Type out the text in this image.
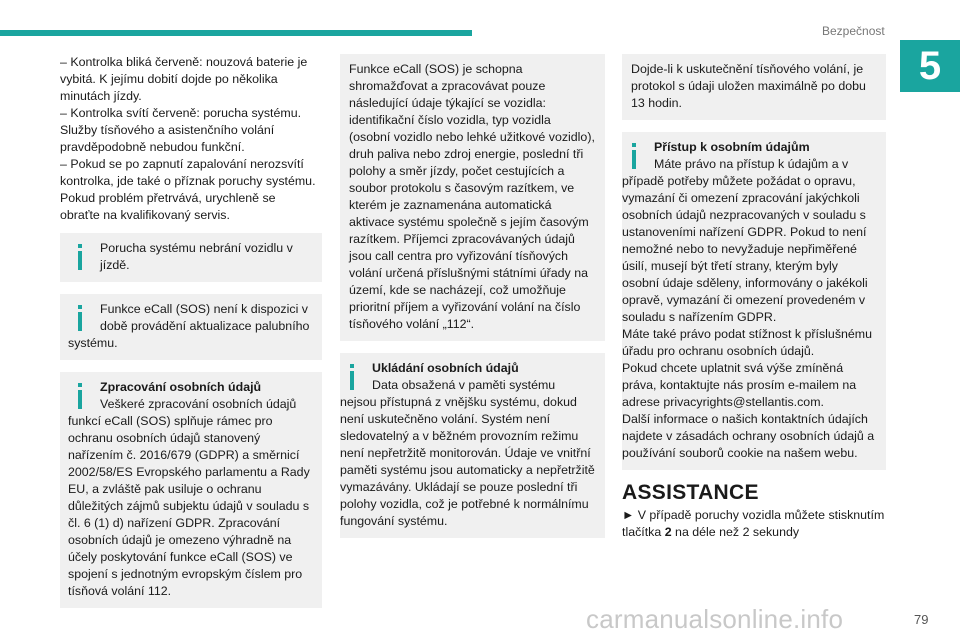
Bezpečnost
5

– Kontrolka bliká červeně: nouzová baterie je vybitá. K jejímu dobití dojde po několika minutách jízdy.

– Kontrolka svítí červeně: porucha systému. Služby tísňového a asistenčního volání pravděpodobně nebudou funkční.

– Pokud se po zapnutí zapalování nerozsvítí kontrolka, jde také o příznak poruchy systému. Pokud problém přetrvává, urychleně se obraťte na kvalifikovaný servis.

Porucha systému nebrání vozidlu v jízdě.

Funkce eCall (SOS) není k dispozici v době provádění aktualizace palubního systému.

Zpracování osobních údajů

Veškeré zpracování osobních údajů funkcí eCall (SOS) splňuje rámec pro ochranu osobních údajů stanovený nařízením č. 2016/679 (GDPR) a směrnicí 2002/58/ES Evropského parlamentu a Rady EU, a zvláště pak usiluje o ochranu důležitých zájmů subjektu údajů v souladu s čl. 6 (1) d) nařízení GDPR. Zpracování osobních údajů je omezeno výhradně na účely poskytování funkce eCall (SOS) ve spojení s jednotným evropským číslem pro tísňová volání 112.

Funkce eCall (SOS) je schopna shromažďovat a zpracovávat pouze následující údaje týkající se vozidla: identifikační číslo vozidla, typ vozidla (osobní vozidlo nebo lehké užitkové vozidlo), druh paliva nebo zdroj energie, poslední tři polohy a směr jízdy, počet cestujících a soubor protokolu s časovým razítkem, ve kterém je zaznamenána automatická aktivace systému společně s jejím časovým razítkem. Příjemci zpracovávaných údajů jsou call centra pro vyřizování tísňových volání určená příslušnými státními úřady na území, kde se nacházejí, což umožňuje prioritní příjem a vyřizování volání na číslo tísňového volání „112“.

Ukládání osobních údajů

Data obsažená v paměti systému nejsou přístupná z vnějšku systému, dokud není uskutečněno volání. Systém není sledovatelný a v běžném provozním režimu není nepřetržitě monitorován. Údaje ve vnitřní paměti systému jsou automaticky a nepřetržitě vymazávány. Ukládají se pouze poslední tři polohy vozidla, což je potřebné k normálnímu fungování systému.

Dojde-li k uskutečnění tísňového volání, je protokol s údaji uložen maximálně po dobu 13 hodin.

Přístup k osobním údajům

Máte právo na přístup k údajům a v případě potřeby můžete požádat o opravu, vymazání či omezení zpracování jakýchkoli osobních údajů nezpracovaných v souladu s ustanoveními nařízení GDPR. Pokud to není nemožné nebo to nevyžaduje nepřiměřené úsilí, musejí být třetí strany, kterým byly osobní údaje sděleny, informovány o jakékoli opravě, vymazání či omezení provedeném v souladu s nařízením GDPR.

Máte také právo podat stížnost k příslušnému úřadu pro ochranu osobních údajů.

Pokud chcete uplatnit svá výše zmíněná práva, kontaktujte nás prosím e-mailem na adrese privacyrights@stellantis.com.

Další informace o našich kontaktních údajích najdete v zásadách ochrany osobních údajů a používání souborů cookie na našem webu.

ASSISTANCE

► V případě poruchy vozidla můžete stisknutím tlačítka 2 na déle než 2 sekundy

carmanualsonline.info	79
